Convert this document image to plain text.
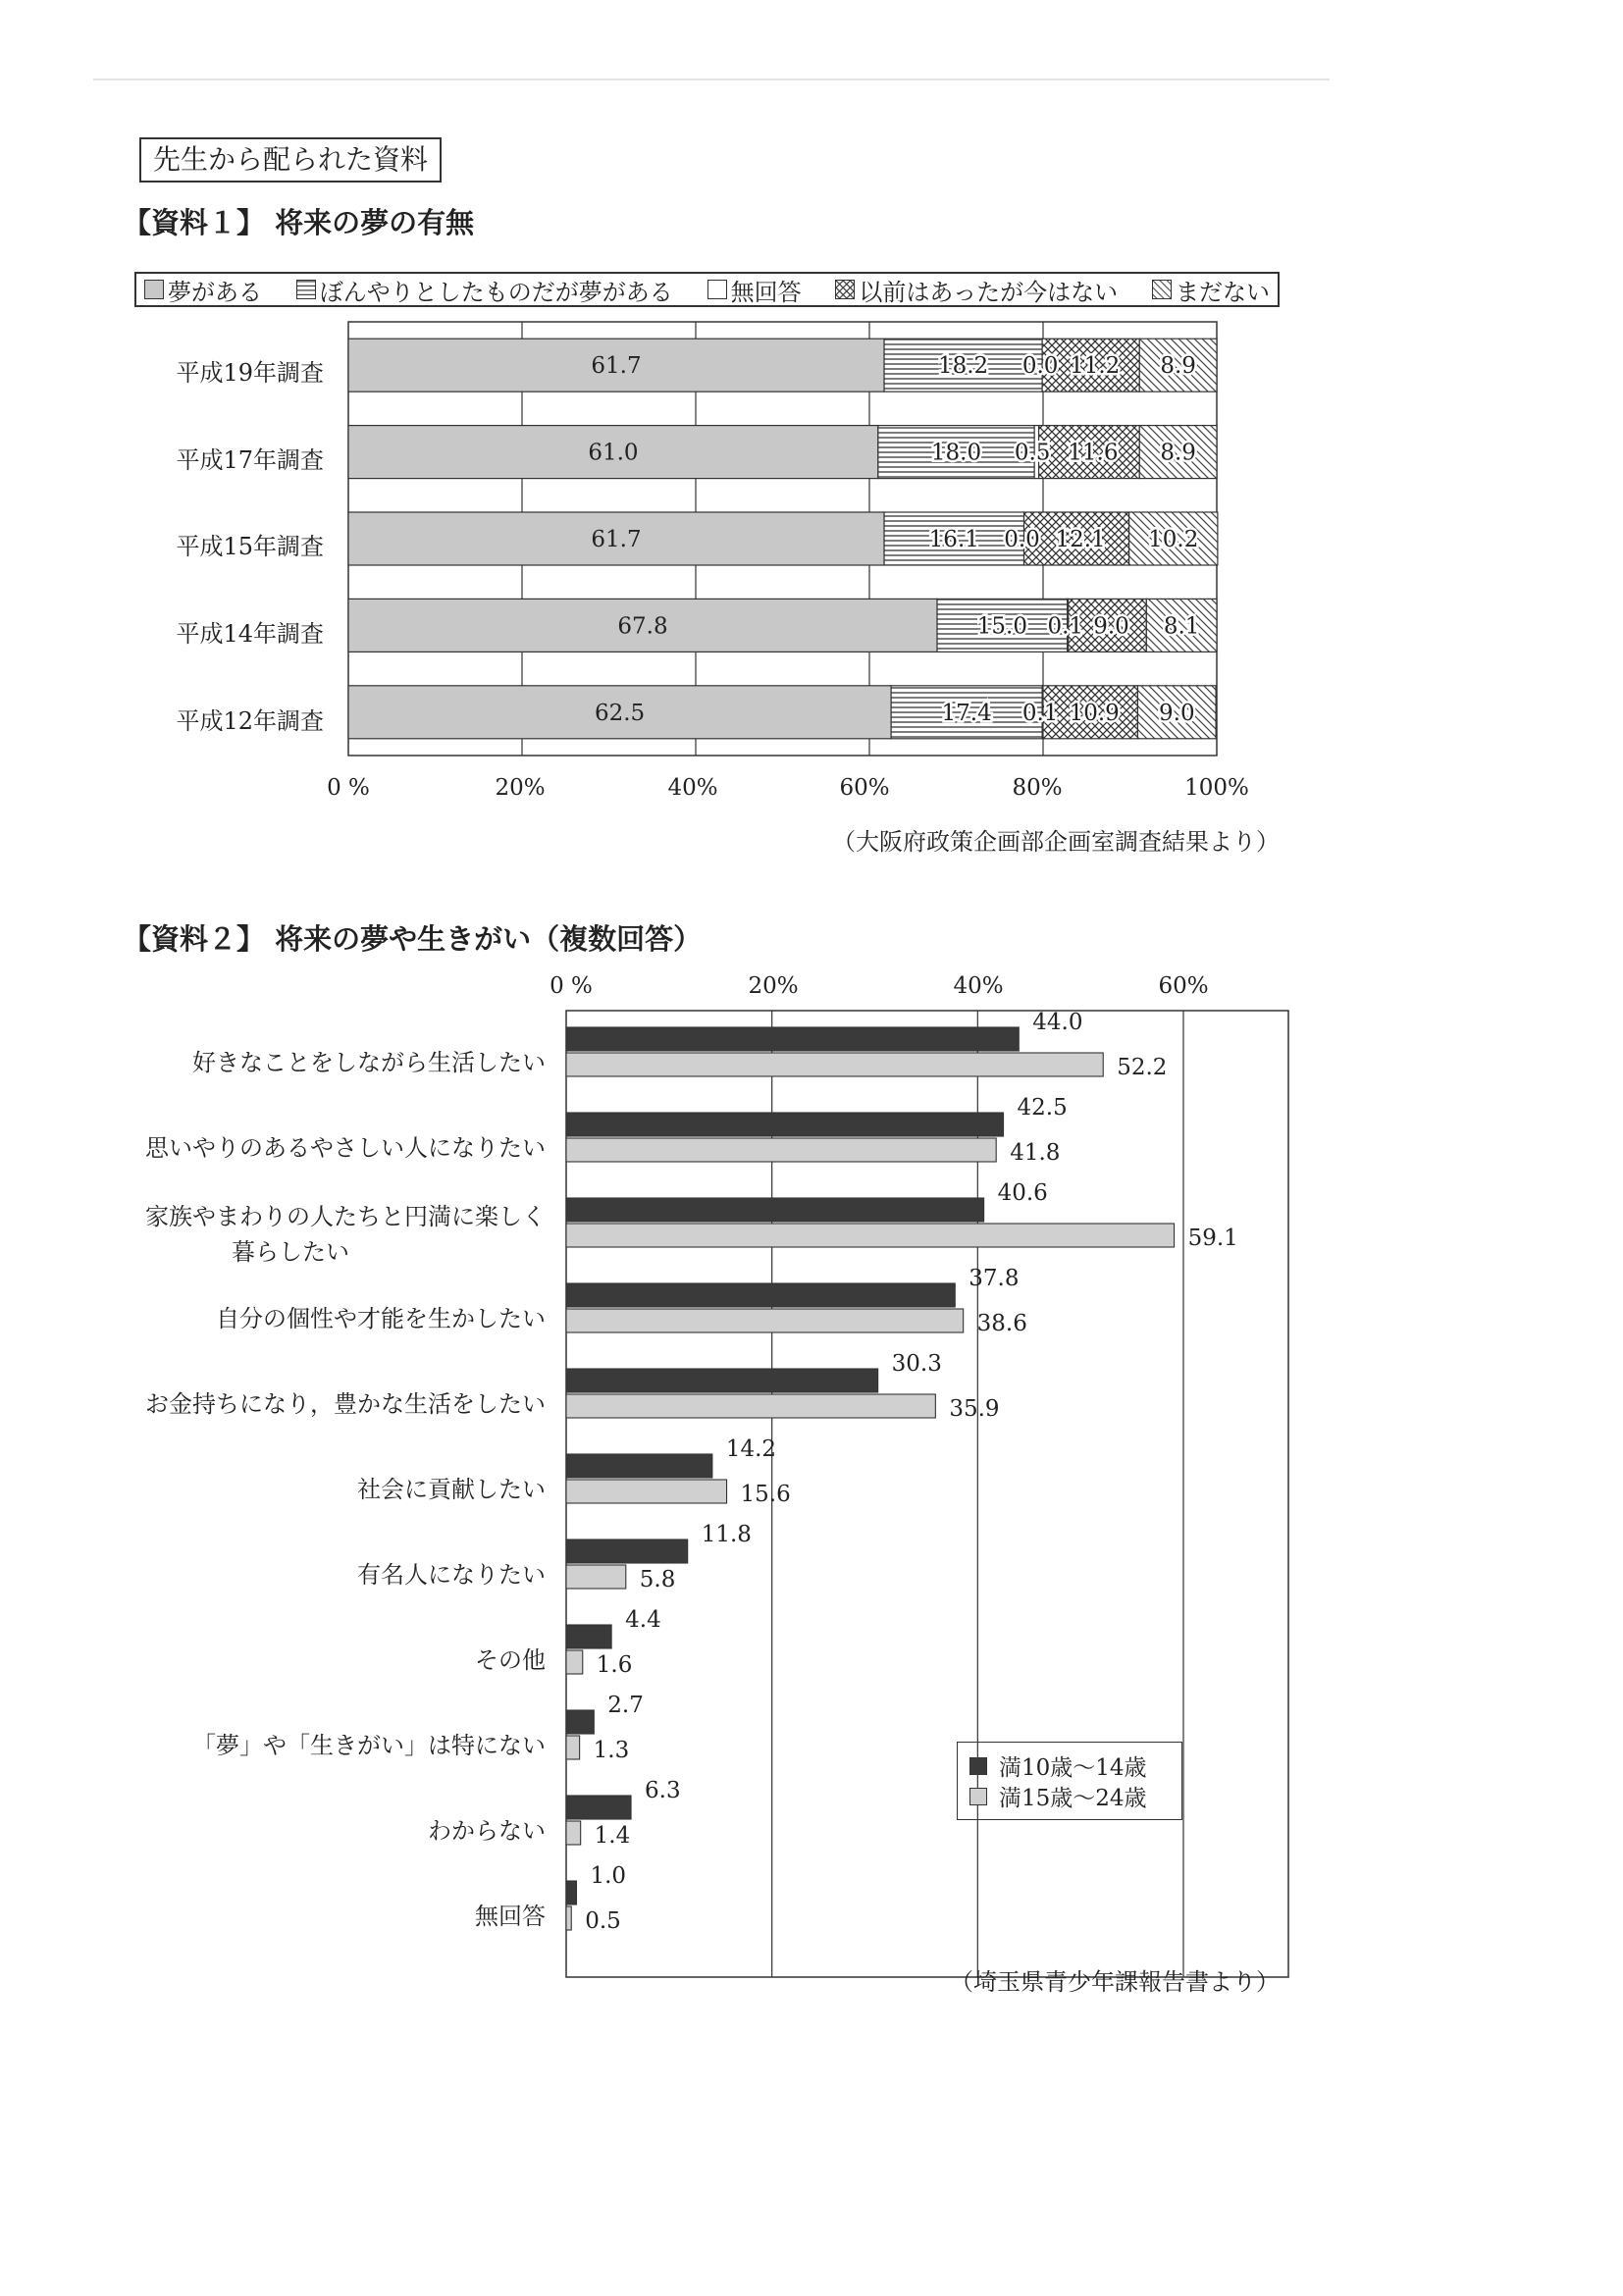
先生から配られた資料
【資料１】 将来の夢の有無
夢がある ぼんやりとしたものだが夢がある 無回答 以前はあったが今はない まだない
平成19年調査
平成17年調査
平成15年調査
平成14年調査
平成12年調査
61.7	18.2 0.0 11.2 8.9
61.0	18.0 0.5 11.6 8.9
61.7	16.1 0.0 12.1 10.2
67.8	15.0 0.1 9.0 8.1
62.5	17.4 0.1 10.9 9.0
0 %	20%	40%	60%	80%	100%
（大阪府政策企画部企画室調査結果より）
【資料２】 将来の夢や生きがい（複数回答）
0 %	20%	40%	60%
好きなことをしながら生活したい
思いやりのあるやさしい人になりたい
家族やまわりの人たちと円満に楽しく
暮らしたい
自分の個性や才能を生かしたい
お金持ちになり，豊かな生活をしたい
社会に貢献したい
有名人になりたい
その他
「夢」や「生きがい」は特にない
わからない
無回答
44.0
52.2
42.5
41.8
40.6
59.1
37.8
38.6
30.3
35.9
14.2
15.6
11.8
5.8
4.4
1.6
2.7
1.3
6.3
1.4
1.0
0.5
満10歳～14歳
満15歳～24歳
（埼玉県青少年課報告書より）
